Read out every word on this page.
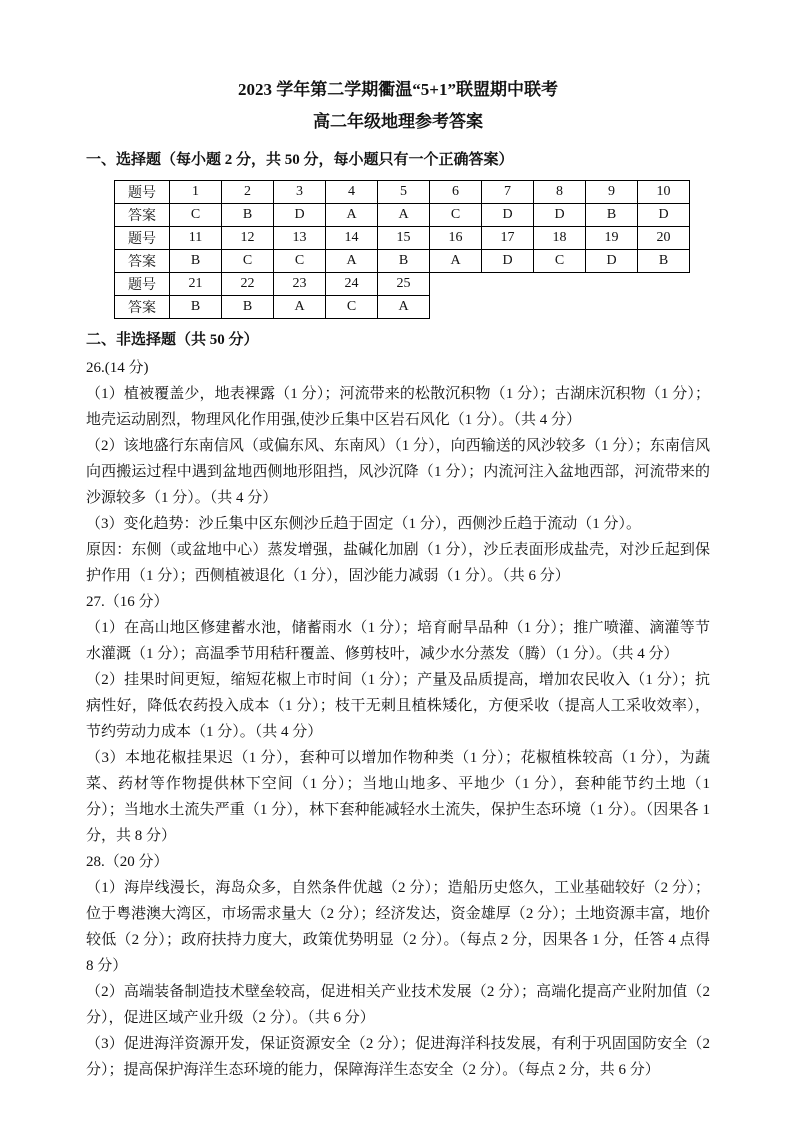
2023 学年第二学期衢温“5+1”联盟期中联考
高二年级地理参考答案
一、选择题（每小题 2 分，共 50 分，每小题只有一个正确答案）
题号	1	2	3	4	5	6	7	8	9	10
答案	C	B	D	A	A	C	D	D	B	D
题号	11	12	13	14	15	16	17	18	19	20
答案	B	C	C	A	B	A	D	C	D	B
题号	21	22	23	24	25					
答案	B	B	A	C	A					
二、非选择题（共 50 分）

26.(14 分)

（1）植被覆盖少，地表裸露（1 分）；河流带来的松散沉积物（1 分）；古湖床沉积物（1 分）；地壳运动剧烈，物理风化作用强,使沙丘集中区岩石风化（1 分）。（共 4 分）

（2）该地盛行东南信风（或偏东风、东南风）（1 分），向西输送的风沙较多（1 分）；东南信风向西搬运过程中遇到盆地西侧地形阻挡，风沙沉降（1 分）；内流河注入盆地西部，河流带来的沙源较多（1 分）。（共 4 分）

（3）变化趋势：沙丘集中区东侧沙丘趋于固定（1 分），西侧沙丘趋于流动（1 分）。

原因：东侧（或盆地中心）蒸发增强，盐碱化加剧（1 分），沙丘表面形成盐壳，对沙丘起到保护作用（1 分）；西侧植被退化（1 分），固沙能力减弱（1 分）。（共 6 分）

27.（16 分）

（1）在高山地区修建蓄水池，储蓄雨水（1 分）；培育耐旱品种（1 分）；推广喷灌、滴灌等节水灌溉（1 分）；高温季节用秸秆覆盖、修剪枝叶，减少水分蒸发（腾）（1 分）。（共 4 分）

（2）挂果时间更短，缩短花椒上市时间（1 分）；产量及品质提高，增加农民收入（1 分）；抗病性好，降低农药投入成本（1 分）；枝干无刺且植株矮化，方便采收（提高人工采收效率），节约劳动力成本（1 分）。（共 4 分）

（3）本地花椒挂果迟（1 分），套种可以增加作物种类（1 分）；花椒植株较高（1 分），为蔬菜、药材等作物提供林下空间（1 分）；当地山地多、平地少（1 分），套种能节约土地（1 分）；当地水土流失严重（1 分），林下套种能减轻水土流失，保护生态环境（1 分）。（因果各 1 分，共 8 分）

28.（20 分）

（1）海岸线漫长，海岛众多，自然条件优越（2 分）；造船历史悠久，工业基础较好（2 分）；位于粤港澳大湾区，市场需求量大（2 分）；经济发达，资金雄厚（2 分）；土地资源丰富，地价较低（2 分）；政府扶持力度大，政策优势明显（2 分）。（每点 2 分，因果各 1 分，任答 4 点得 8 分）

（2）高端装备制造技术壁垒较高，促进相关产业技术发展（2 分）；高端化提高产业附加值（2 分），促进区域产业升级（2 分）。（共 6 分）

（3）促进海洋资源开发，保证资源安全（2 分）；促进海洋科技发展，有利于巩固国防安全（2 分）；提高保护海洋生态环境的能力，保障海洋生态安全（2 分）。（每点 2 分，共 6 分）
